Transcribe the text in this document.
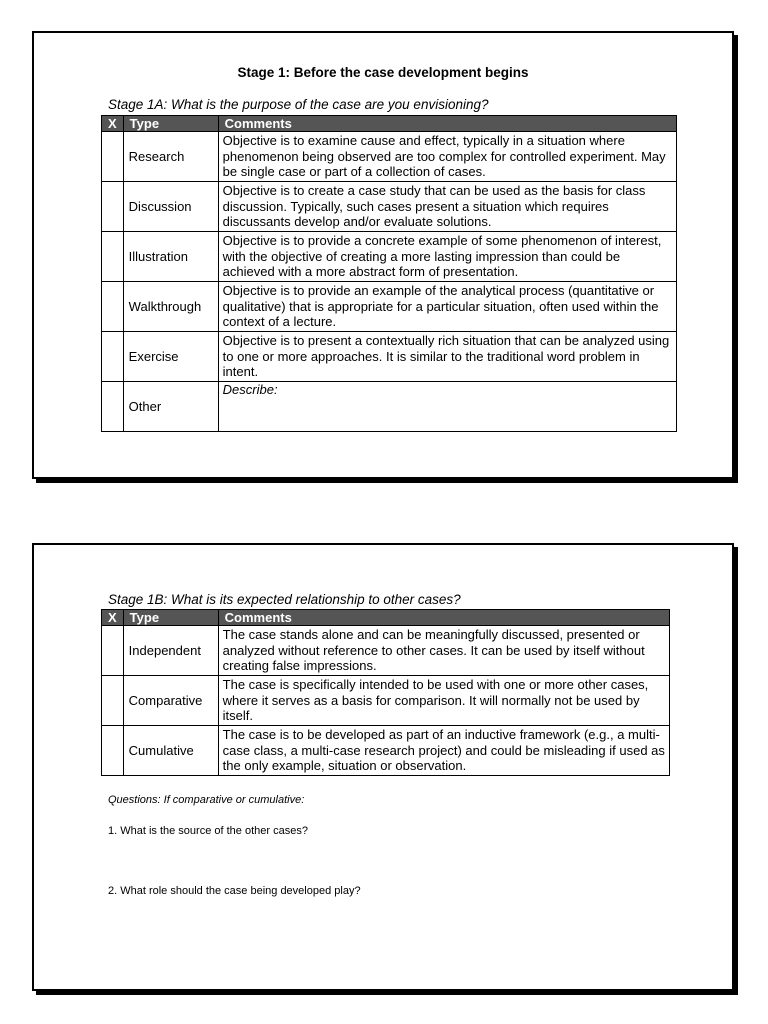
Stage 1: Before the case development begins
Stage 1A: What is the purpose of the case are you envisioning?
X	Type	Comments
	Research	Objective is to examine cause and effect, typically in a situation where phenomenon being observed are too complex for controlled experiment. May be single case or part of a collection of cases.
	Discussion	Objective is to create a case study that can be used as the basis for class discussion. Typically, such cases present a situation which requires discussants develop and/or evaluate solutions.
	Illustration	Objective is to provide a concrete example of some phenomenon of interest, with the objective of creating a more lasting impression than could be achieved with a more abstract form of presentation.
	Walkthrough	Objective is to provide an example of the analytical process (quantitative or qualitative) that is appropriate for a particular situation, often used within the context of a lecture.
	Exercise	Objective is to present a contextually rich situation that can be analyzed using to one or more approaches. It is similar to the traditional word problem in intent.
	Other	Describe:
Stage 1B: What is its expected relationship to other cases?
X	Type	Comments
	Independent	The case stands alone and can be meaningfully discussed, presented or analyzed without reference to other cases. It can be used by itself without creating false impressions.
	Comparative	The case is specifically intended to be used with one or more other cases, where it serves as a basis for comparison. It will normally not be used by itself.
	Cumulative	The case is to be developed as part of an inductive framework (e.g., a multi-case class, a multi-case research project) and could be misleading if used as the only example, situation or observation.
Questions: If comparative or cumulative:
1. What is the source of the other cases?
2. What role should the case being developed play?
